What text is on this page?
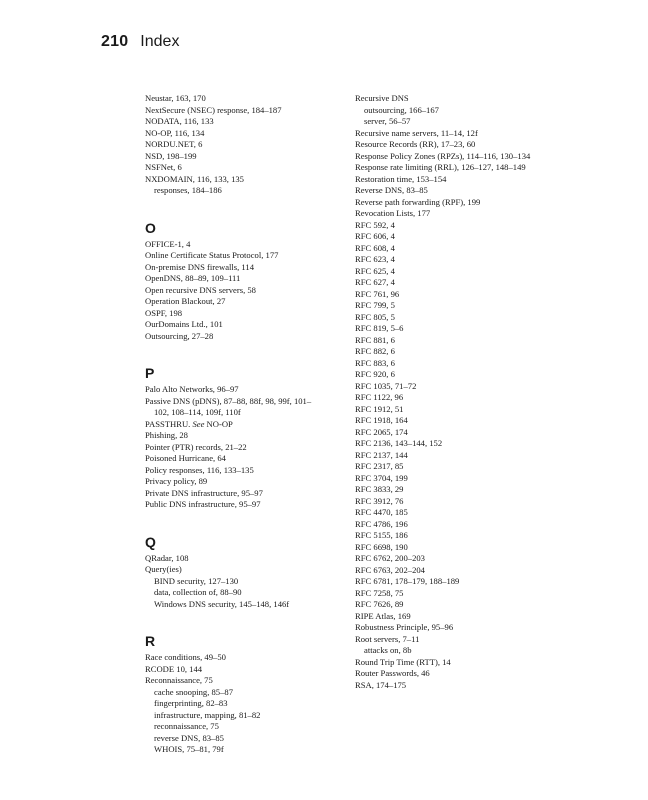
210 Index
Neustar, 163, 170
NextSecure (NSEC) response, 184–187
NODATA, 116, 133
NO-OP, 116, 134
NORDU.NET, 6
NSD, 198–199
NSFNet, 6
NXDOMAIN, 116, 133, 135
responses, 184–186
O
OFFICE-1, 4
Online Certificate Status Protocol, 177
On-premise DNS firewalls, 114
OpenDNS, 88–89, 109–111
Open recursive DNS servers, 58
Operation Blackout, 27
OSPF, 198
OurDomains Ltd., 101
Outsourcing, 27–28
P
Palo Alto Networks, 96–97
Passive DNS (pDNS), 87–88, 88f, 98, 99f, 101–102, 108–114, 109f, 110f
PASSTHRU. See NO-OP
Phishing, 28
Pointer (PTR) records, 21–22
Poisoned Hurricane, 64
Policy responses, 116, 133–135
Privacy policy, 89
Private DNS infrastructure, 95–97
Public DNS infrastructure, 95–97
Q
QRadar, 108
Query(ies)
BIND security, 127–130
data, collection of, 88–90
Windows DNS security, 145–148, 146f
R
Race conditions, 49–50
RCODE 10, 144
Reconnaissance, 75
cache snooping, 85–87
fingerprinting, 82–83
infrastructure, mapping, 81–82
reconnaissance, 75
reverse DNS, 83–85
WHOIS, 75–81, 79f
Recursive DNS
outsourcing, 166–167
server, 56–57
Recursive name servers, 11–14, 12f
Resource Records (RR), 17–23, 60
Response Policy Zones (RPZs), 114–116, 130–134
Response rate limiting (RRL), 126–127, 148–149
Restoration time, 153–154
Reverse DNS, 83–85
Reverse path forwarding (RPF), 199
Revocation Lists, 177
RFC 592, 4
RFC 606, 4
RFC 608, 4
RFC 623, 4
RFC 625, 4
RFC 627, 4
RFC 761, 96
RFC 799, 5
RFC 805, 5
RFC 819, 5–6
RFC 881, 6
RFC 882, 6
RFC 883, 6
RFC 920, 6
RFC 1035, 71–72
RFC 1122, 96
RFC 1912, 51
RFC 1918, 164
RFC 2065, 174
RFC 2136, 143–144, 152
RFC 2137, 144
RFC 2317, 85
RFC 3704, 199
RFC 3833, 29
RFC 3912, 76
RFC 4470, 185
RFC 4786, 196
RFC 5155, 186
RFC 6698, 190
RFC 6762, 200–203
RFC 6763, 202–204
RFC 6781, 178–179, 188–189
RFC 7258, 75
RFC 7626, 89
RIPE Atlas, 169
Robustness Principle, 95–96
Root servers, 7–11
attacks on, 8b
Round Trip Time (RTT), 14
Router Passwords, 46
RSA, 174–175
